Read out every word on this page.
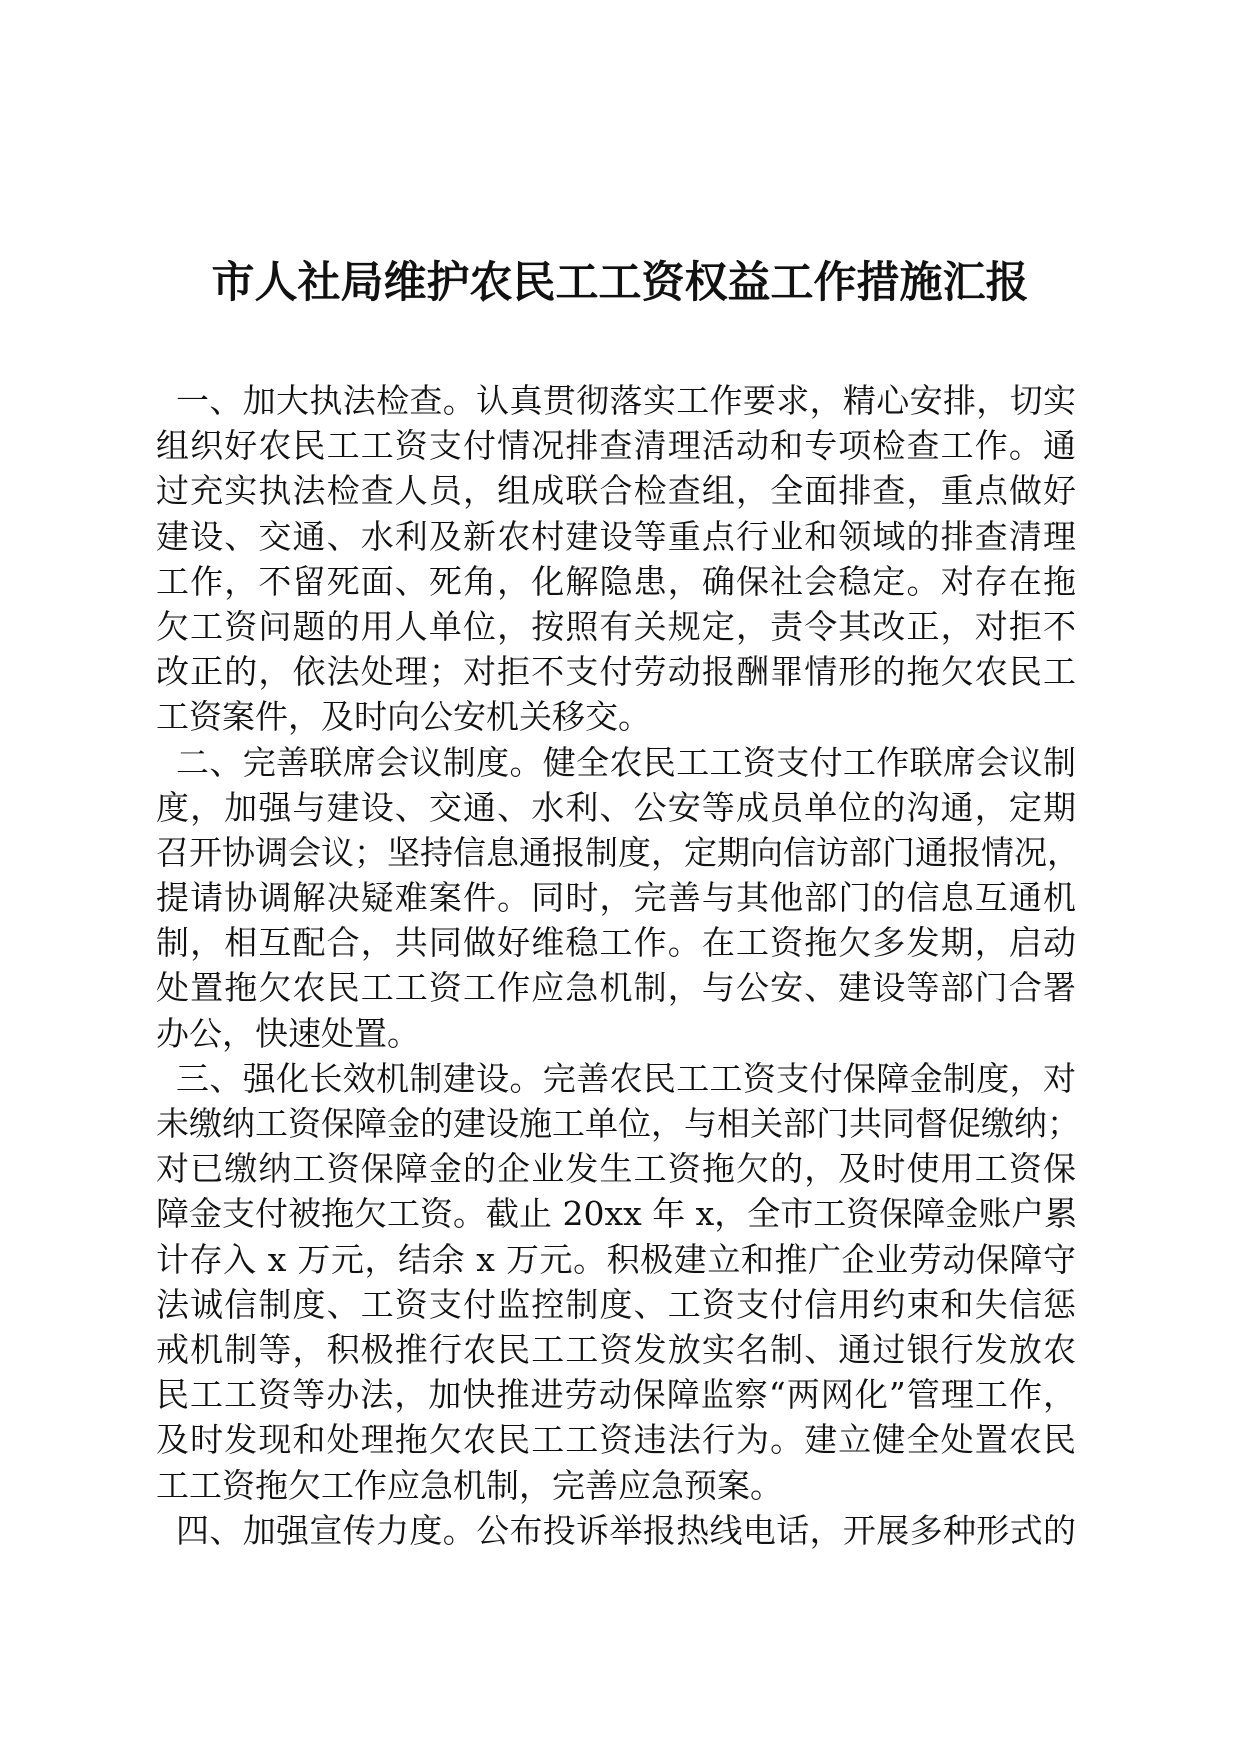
市人社局维护农民工工资权益工作措施汇报

一、加大执法检查。认真贯彻落实工作要求，精心安排，切实

组织好农民工工资支付情况排查清理活动和专项检查工作。通

过充实执法检查人员，组成联合检查组，全面排查，重点做好

建设、交通、水利及新农村建设等重点行业和领域的排查清理

工作，不留死面、死角，化解隐患，确保社会稳定。对存在拖

欠工资问题的用人单位，按照有关规定，责令其改正，对拒不

改正的，依法处理；对拒不支付劳动报酬罪情形的拖欠农民工

工资案件，及时向公安机关移交。

二、完善联席会议制度。健全农民工工资支付工作联席会议制

度，加强与建设、交通、水利、公安等成员单位的沟通，定期

召开协调会议；坚持信息通报制度，定期向信访部门通报情况，

提请协调解决疑难案件。同时，完善与其他部门的信息互通机

制，相互配合，共同做好维稳工作。在工资拖欠多发期，启动

处置拖欠农民工工资工作应急机制，与公安、建设等部门合署

办公，快速处置。

三、强化长效机制建设。完善农民工工资支付保障金制度，对

未缴纳工资保障金的建设施工单位，与相关部门共同督促缴纳；

对已缴纳工资保障金的企业发生工资拖欠的，及时使用工资保

障金支付被拖欠工资。截止 20xx 年 x，全市工资保障金账户累

计存入 x 万元，结余 x 万元。积极建立和推广企业劳动保障守

法诚信制度、工资支付监控制度、工资支付信用约束和失信惩

戒机制等，积极推行农民工工资发放实名制、通过银行发放农

民工工资等办法，加快推进劳动保障监察“两网化”管理工作，

及时发现和处理拖欠农民工工资违法行为。建立健全处置农民

工工资拖欠工作应急机制，完善应急预案。

四、加强宣传力度。公布投诉举报热线电话，开展多种形式的
